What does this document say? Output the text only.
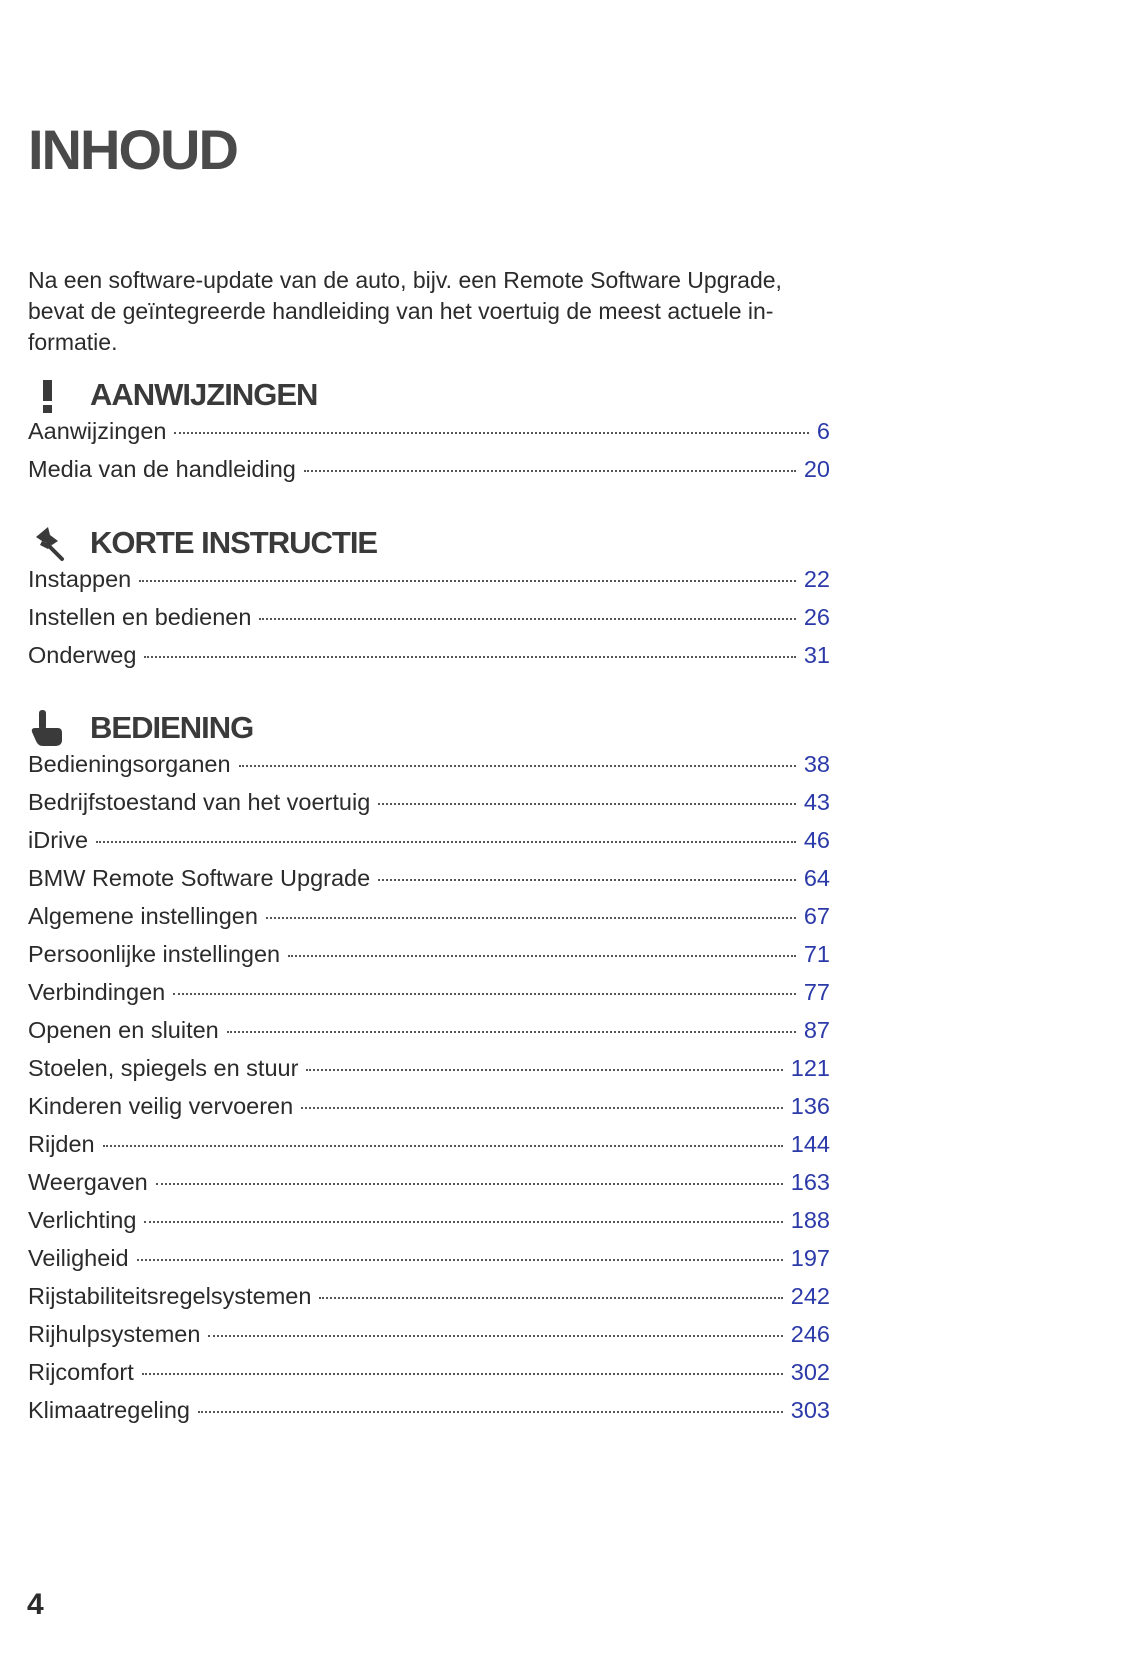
INHOUD

Na een software-update van de auto, bijv. een Remote Software Upgrade, bevat de geïntegreerde handleiding van het voertuig de meest actuele in-formatie.

AANWIJZINGEN
Aanwijzingen	6
Media van de handleiding	20
KORTE INSTRUCTIE
Instappen	22
Instellen en bedienen	26
Onderweg	31
BEDIENING
Bedieningsorganen	38
Bedrijfstoestand van het voertuig	43
iDrive	46
BMW Remote Software Upgrade	64
Algemene instellingen	67
Persoonlijke instellingen	71
Verbindingen	77
Openen en sluiten	87
Stoelen, spiegels en stuur	121
Kinderen veilig vervoeren	136
Rijden	144
Weergaven	163
Verlichting	188
Veiligheid	197
Rijstabiliteitsregelsystemen	242
Rijhulpsystemen	246
Rijcomfort	302
Klimaatregeling	303
4
